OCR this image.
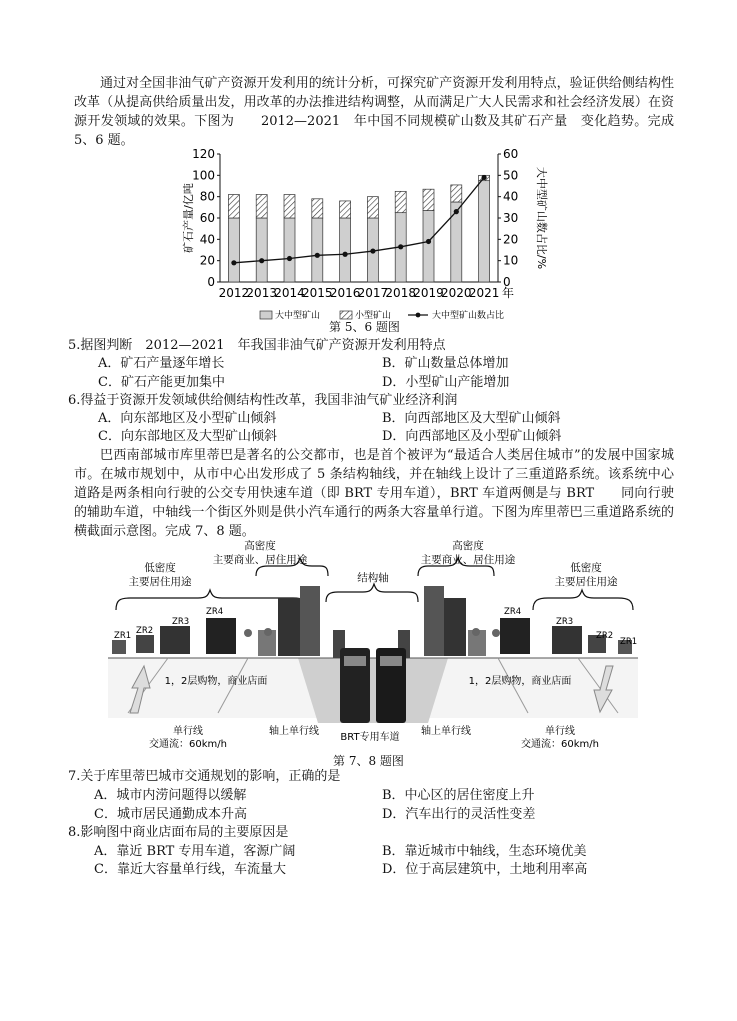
通过对全国非油气矿产资源开发利用的统计分析，可探究矿产资源开发利用特点，验证供给侧结构性改革（从提高供给质量出发，用改革的办法推进结构调整，从而满足广大人民需求和社会经济发展）在资源开发领域的效果。下图为　　2012—2021　年中国不同规模矿山数及其矿石产量　变化趋势。完成　5、6 题。
0
20
40
60
80
100
120
0
10
20
30
40
50
60
矿石产量/亿吨	大中型矿山数占比/%
2012
2013
2014
2015
2016
2017
2018
2019
2020
2021 年
大中型矿山	小型矿山	大中型矿山数占比
第 5、6 题图
5.据图判断　2012—2021　年我国非油气矿产资源开发利用特点
A．矿石产量逐年增长	B．矿山数量总体增加
C．矿石产能更加集中	D．小型矿山产能增加
6.得益于资源开发领域供给侧结构性改革，我国非油气矿业经济利润
A．向东部地区及小型矿山倾斜	B．向西部地区及大型矿山倾斜
C．向东部地区及大型矿山倾斜	D．向西部地区及小型矿山倾斜
巴西南部城市库里蒂巴是著名的公交都市，也是首个被评为“最适合人类居住城市”的发展中国家城市。在城市规划中，从市中心出发形成了 5 条结构轴线，并在轴线上设计了三重道路系统。该系统中心道路是两条相向行驶的公交专用快速车道（即 BRT 专用车道），BRT 车道两侧是与 BRT　　同向行驶的辅助车道，中轴线一个街区外则是供小汽车通行的两条大容量单行道。下图为库里蒂巴三重道路系统的横截面示意图。完成 7、8 题。
低密度
主要居住用途
高密度
主要商业、居住用途
结构轴
高密度
主要商业、居住用途
低密度
主要居住用途
ZR1 ZR2
ZR3
ZR4	ZR4
ZR3
ZR2
ZR1
1，2层购物，商业店面	1，2层购物，商业店面
单行线
交通流：60km/h
轴上单行线
BRT专用车道
轴上单行线	单行线
交通流：60km/h
第 7、8 题图
7.关于库里蒂巴城市交通规划的影响，正确的是
A．城市内涝问题得以缓解	B．中心区的居住密度上升
C．城市居民通勤成本升高	D．汽车出行的灵活性变差
8.影响图中商业店面布局的主要原因是
A．靠近 BRT 专用车道，客源广阔	B．靠近城市中轴线，生态环境优美
C．靠近大容量单行线，车流量大	D．位于高层建筑中，土地利用率高
